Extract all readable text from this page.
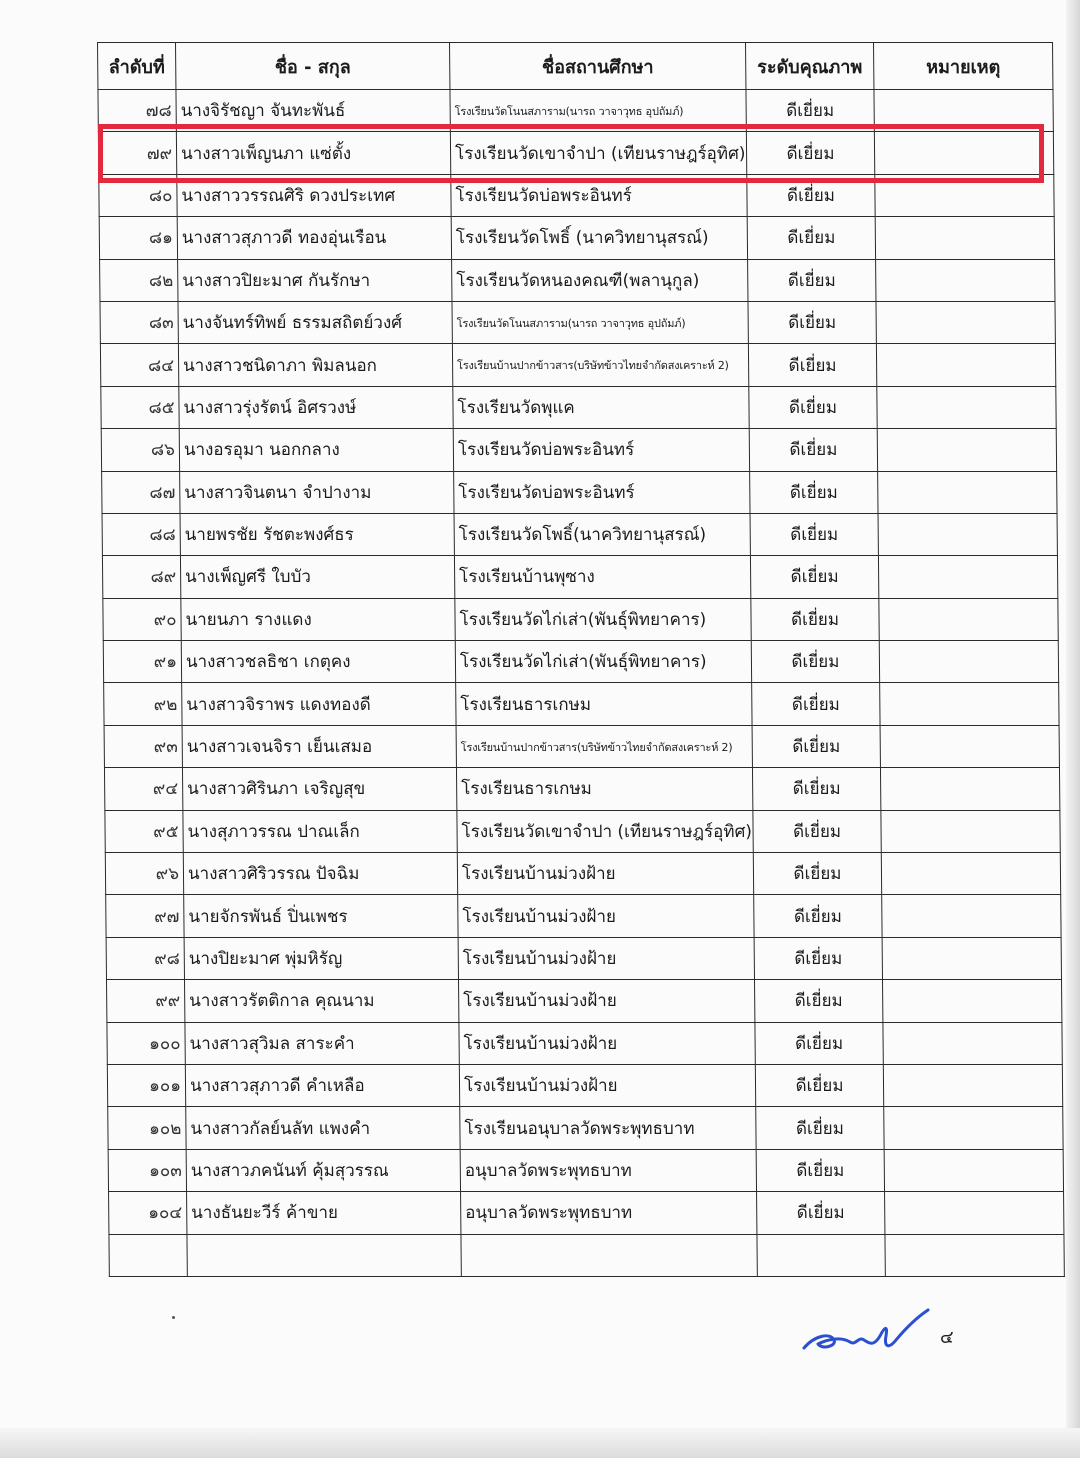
ลำดับที่	ชื่อ - สกุล	ชื่อสถานศึกษา	ระดับคุณภาพ	หมายเหตุ
๗๘	นางจิรัชญา จันทะพันธ์	โรงเรียนวัดโนนสภาราม(นารถ วาจาวุทธ อุปถัมภ์)	ดีเยี่ยม	
๗๙	นางสาวเพ็ญนภา แซ่ตั้ง	โรงเรียนวัดเขาจำปา (เทียนราษฎร์อุทิศ)	ดีเยี่ยม	
๘๐	นางสาววรรณศิริ ดวงประเทศ	โรงเรียนวัดบ่อพระอินทร์	ดีเยี่ยม	
๘๑	นางสาวสุภาวดี ทองอุ่นเรือน	โรงเรียนวัดโพธิ์ (นาควิทยานุสรณ์)	ดีเยี่ยม	
๘๒	นางสาวปิยะมาศ กันรักษา	โรงเรียนวัดหนองคณฑี(พลานุกูล)	ดีเยี่ยม	
๘๓	นางจันทร์ทิพย์ ธรรมสถิตย์วงศ์	โรงเรียนวัดโนนสภาราม(นารถ วาจาวุทธ อุปถัมภ์)	ดีเยี่ยม	
๘๔	นางสาวชนิดาภา พิมลนอก	โรงเรียนบ้านปากข้าวสาร(บริษัทข้าวไทยจำกัดสงเคราะห์ 2)	ดีเยี่ยม	
๘๕	นางสาวรุ่งรัตน์ อิศรวงษ์	โรงเรียนวัดพุแค	ดีเยี่ยม	
๘๖	นางอรอุมา นอกกลาง	โรงเรียนวัดบ่อพระอินทร์	ดีเยี่ยม	
๘๗	นางสาวจินตนา จำปางาม	โรงเรียนวัดบ่อพระอินทร์	ดีเยี่ยม	
๘๘	นายพรชัย รัชตะพงศ์ธร	โรงเรียนวัดโพธิ์(นาควิทยานุสรณ์)	ดีเยี่ยม	
๘๙	นางเพ็ญศรี ใบบัว	โรงเรียนบ้านพุซาง	ดีเยี่ยม	
๙๐	นายนภา รางแดง	โรงเรียนวัดไก่เส่า(พันธุ์พิทยาคาร)	ดีเยี่ยม	
๙๑	นางสาวชลธิชา เกตุคง	โรงเรียนวัดไก่เส่า(พันธุ์พิทยาคาร)	ดีเยี่ยม	
๙๒	นางสาวจิราพร แดงทองดี	โรงเรียนธารเกษม	ดีเยี่ยม	
๙๓	นางสาวเจนจิรา เย็นเสมอ	โรงเรียนบ้านปากข้าวสาร(บริษัทข้าวไทยจำกัดสงเคราะห์ 2)	ดีเยี่ยม	
๙๔	นางสาวศิรินภา เจริญสุข	โรงเรียนธารเกษม	ดีเยี่ยม	
๙๕	นางสุภาวรรณ ปาณเล็ก	โรงเรียนวัดเขาจำปา (เทียนราษฎร์อุทิศ)	ดีเยี่ยม	
๙๖	นางสาวศิริวรรณ ปัจฉิม	โรงเรียนบ้านม่วงฝ้าย	ดีเยี่ยม	
๙๗	นายจักรพันธ์ ปิ่นเพชร	โรงเรียนบ้านม่วงฝ้าย	ดีเยี่ยม	
๙๘	นางปิยะมาศ พุ่มหิรัญ	โรงเรียนบ้านม่วงฝ้าย	ดีเยี่ยม	
๙๙	นางสาวรัตติกาล คุณนาม	โรงเรียนบ้านม่วงฝ้าย	ดีเยี่ยม	
๑๐๐	นางสาวสุวิมล สาระคำ	โรงเรียนบ้านม่วงฝ้าย	ดีเยี่ยม	
๑๐๑	นางสาวสุภาวดี คำเหลือ	โรงเรียนบ้านม่วงฝ้าย	ดีเยี่ยม	
๑๐๒	นางสาวกัลย์นลัท แพงคำ	โรงเรียนอนุบาลวัดพระพุทธบาท	ดีเยี่ยม	
๑๐๓	นางสาวภคนันท์ คุ้มสุวรรณ	อนุบาลวัดพระพุทธบาท	ดีเยี่ยม	
๑๐๔	นางธันยะวีร์ ค้าขาย	อนุบาลวัดพระพุทธบาท	ดีเยี่ยม	

๔
